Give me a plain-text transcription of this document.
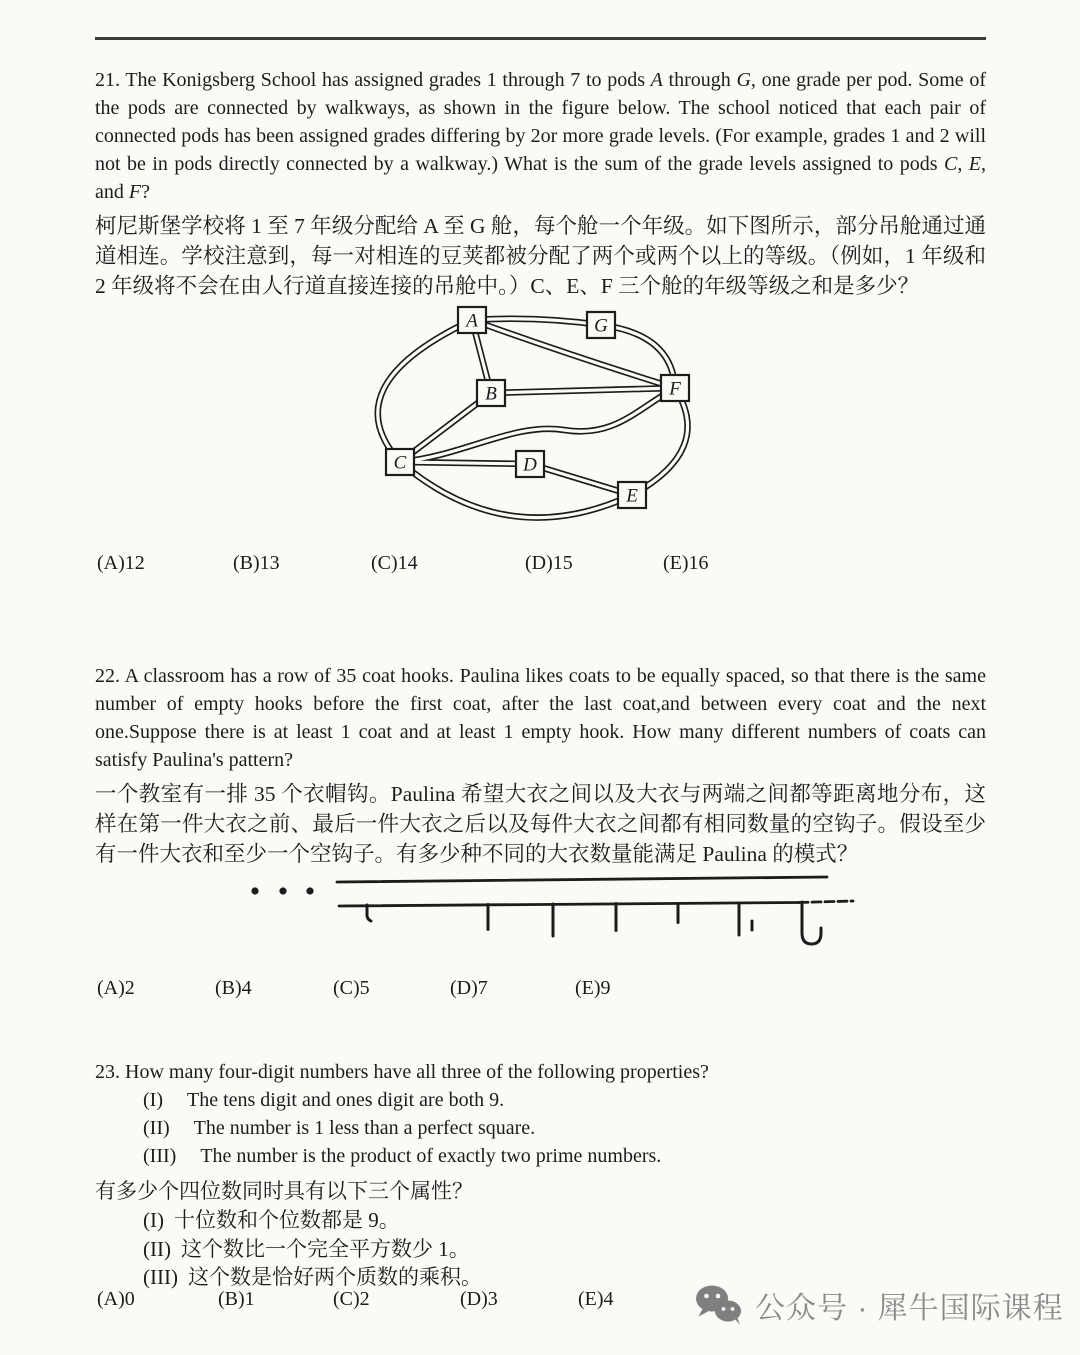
21. The Konigsberg School has assigned grades 1 through 7 to pods A through G, one grade per pod. Some of the pods are connected by walkways, as shown in the figure below. The school noticed that each pair of connected pods has been assigned grades differing by 2or more grade levels. (For example, grades 1 and 2 will not be in pods directly connected by a walkway.) What is the sum of the grade levels assigned to pods C, E, and F?

柯尼斯堡学校将 1 至 7 年级分配给 A 至 G 舱，每个舱一个年级。如下图所示，部分吊舱通过通道相连。学校注意到，每一对相连的豆荚都被分配了两个或两个以上的等级。（例如，1 年级和 2 年级将不会在由人行道直接连接的吊舱中。）C、E、F 三个舱的年级等级之和是多少？

A	G
B	F
C	D
E
(A)12	(B)13	(C)14	(D)15	(E)16

22. A classroom has a row of 35 coat hooks. Paulina likes coats to be equally spaced, so that there is the same number of empty hooks before the first coat, after the last coat,and between every coat and the next one.Suppose there is at least 1 coat and at least 1 empty hook. How many different numbers of coats can satisfy Paulina's pattern?

一个教室有一排 35 个衣帽钩。Paulina 希望大衣之间以及大衣与两端之间都等距离地分布，这样在第一件大衣之前、最后一件大衣之后以及每件大衣之间都有相同数量的空钩子。假设至少有一件大衣和至少一个空钩子。有多少种不同的大衣数量能满足 Paulina 的模式？

(A)2	(B)4	(C)5	(D)7	(E)9

23. How many four-digit numbers have all three of the following properties?

(I) The tens digit and ones digit are both 9.
(II) The number is 1 less than a perfect square.
(III) The number is the product of exactly two prime numbers.

有多少个四位数同时具有以下三个属性？

(I) 十位数和个位数都是 9。
(II) 这个数比一个完全平方数少 1。
(III) 这个数是恰好两个质数的乘积。
(A)0	(B)1	(C)2	(D)3	(E)4	公众号 · 犀牛国际课程
